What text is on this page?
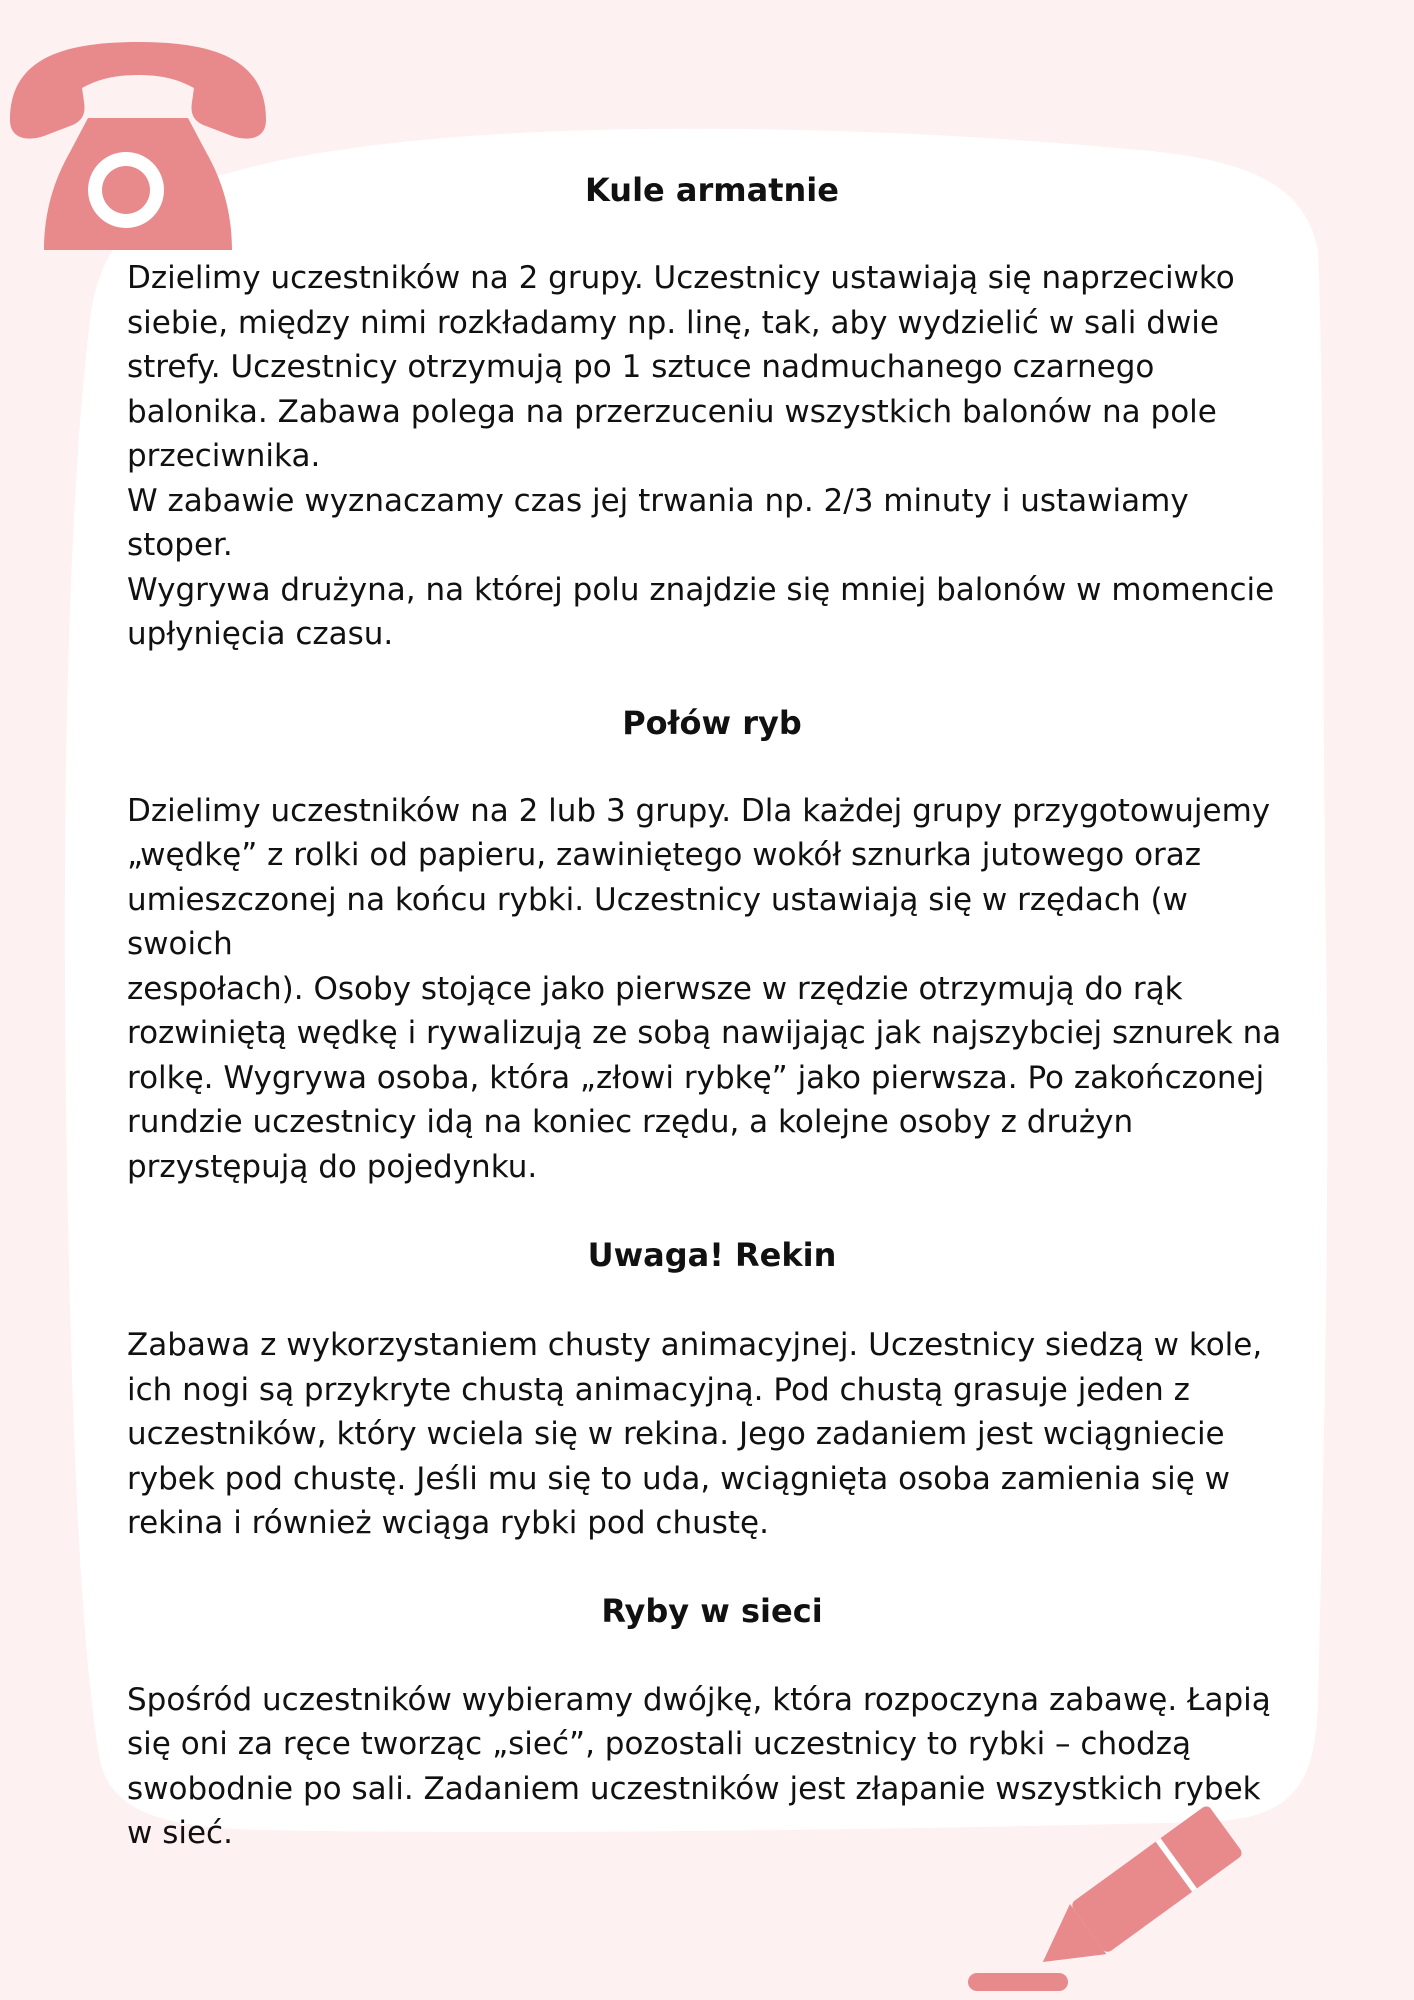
Kule armatnie

Dzielimy uczestników na 2 grupy. Uczestnicy ustawiają się naprzeciwko
siebie, między nimi rozkładamy np. linę, tak, aby wydzielić w sali dwie
strefy. Uczestnicy otrzymują po 1 sztuce nadmuchanego czarnego
balonika. Zabawa polega na przerzuceniu wszystkich balonów na pole
przeciwnika.
W zabawie wyznaczamy czas jej trwania np. 2/3 minuty i ustawiamy stoper.
Wygrywa drużyna, na której polu znajdzie się mniej balonów w momencie
upłynięcia czasu.

Połów ryb

Dzielimy uczestników na 2 lub 3 grupy. Dla każdej grupy przygotowujemy
„wędkę” z rolki od papieru, zawiniętego wokół sznurka jutowego oraz
umieszczonej na końcu rybki. Uczestnicy ustawiają się w rzędach (w swoich
zespołach). Osoby stojące jako pierwsze w rzędzie otrzymują do rąk
rozwiniętą wędkę i rywalizują ze sobą nawijając jak najszybciej sznurek na
rolkę. Wygrywa osoba, która „złowi rybkę” jako pierwsza. Po zakończonej
rundzie uczestnicy idą na koniec rzędu, a kolejne osoby z drużyn
przystępują do pojedynku.

Uwaga! Rekin

Zabawa z wykorzystaniem chusty animacyjnej. Uczestnicy siedzą w kole,
ich nogi są przykryte chustą animacyjną. Pod chustą grasuje jeden z
uczestników, który wciela się w rekina. Jego zadaniem jest wciągniecie
rybek pod chustę. Jeśli mu się to uda, wciągnięta osoba zamienia się w
rekina i również wciąga rybki pod chustę.

Ryby w sieci

Spośród uczestników wybieramy dwójkę, która rozpoczyna zabawę. Łapią
się oni za ręce tworząc „sieć”, pozostali uczestnicy to rybki – chodzą
swobodnie po sali. Zadaniem uczestników jest złapanie wszystkich rybek
w sieć.
